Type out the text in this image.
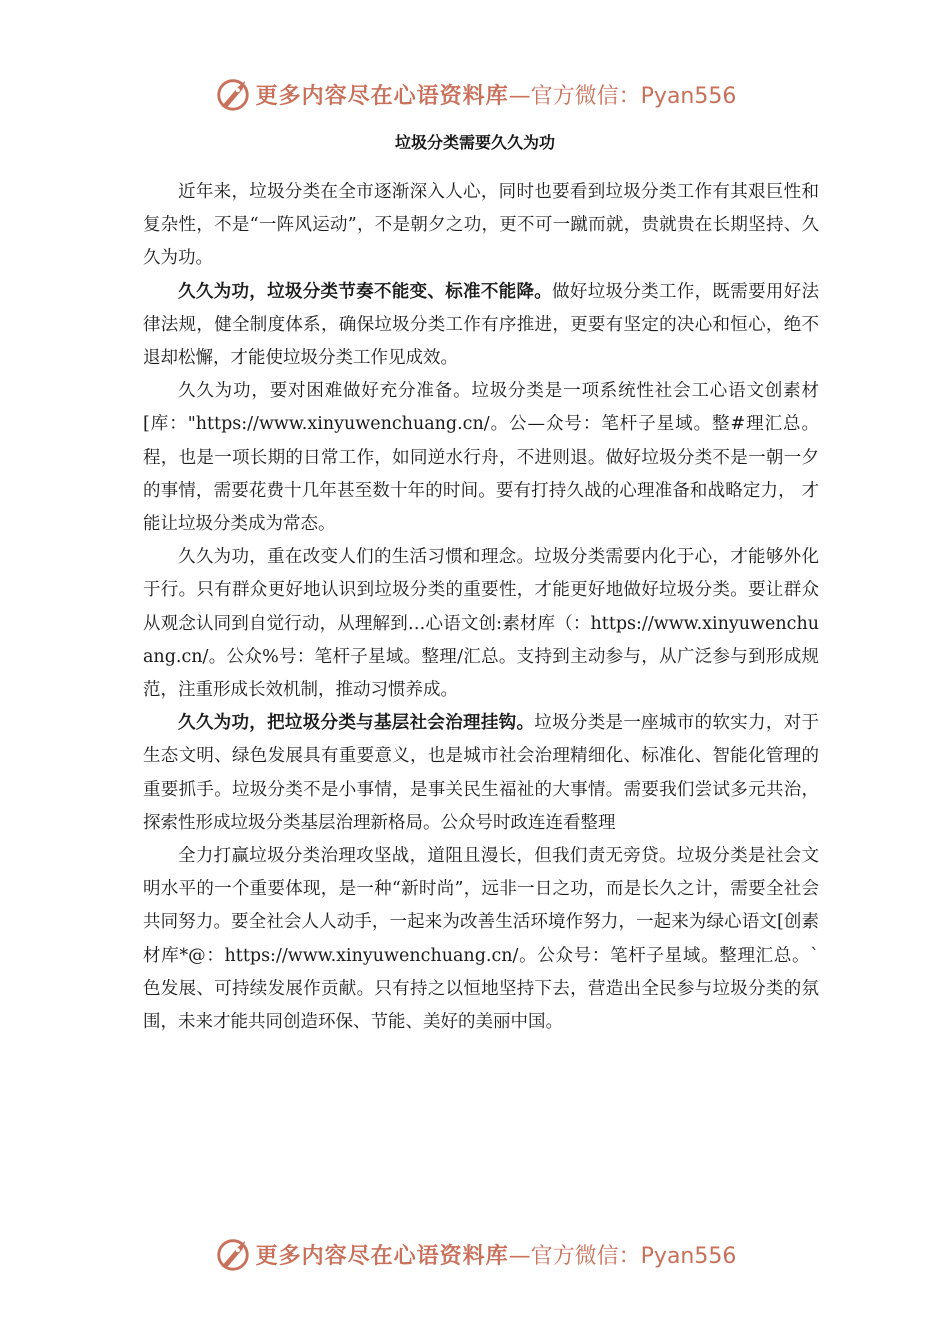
更多内容尽在心语资料库—官方微信：Pyan556
垃圾分类需要久久为功

近年来，垃圾分类在全市逐渐深入人心，同时也要看到垃圾分类工作有其艰巨性和复杂性，不是“一阵风运动”，不是朝夕之功，更不可一蹴而就，贵就贵在长期坚持、久久为功。

久久为功，垃圾分类节奏不能变、标准不能降。做好垃圾分类工作，既需要用好法律法规，健全制度体系，确保垃圾分类工作有序推进，更要有坚定的决心和恒心，绝不退却松懈，才能使垃圾分类工作见成效。

久久为功，要对困难做好充分准备。垃圾分类是一项系统性社会工心语文创素材[库："https://www.xinyuwenchuang.cn/。公—众号：笔杆子星域。整#理汇总。程，也是一项长期的日常工作，如同逆水行舟，不进则退。做好垃圾分类不是一朝一夕的事情，需要花费十几年甚至数十年的时间。要有打持久战的心理准备和战略定力， 才能让垃圾分类成为常态。

久久为功，重在改变人们的生活习惯和理念。垃圾分类需要内化于心，才能够外化于行。只有群众更好地认识到垃圾分类的重要性，才能更好地做好垃圾分类。要让群众从观念认同到自觉行动，从理解到…心语文创:素材库（：https://www.xinyuwenchuang.cn/。公众%号：笔杆子星域。整理/汇总。支持到主动参与，从广泛参与到形成规范，注重形成长效机制，推动习惯养成。

久久为功，把垃圾分类与基层社会治理挂钩。垃圾分类是一座城市的软实力，对于生态文明、绿色发展具有重要意义，也是城市社会治理精细化、标准化、智能化管理的重要抓手。垃圾分类不是小事情，是事关民生福祉的大事情。需要我们尝试多元共治，探索性形成垃圾分类基层治理新格局。公众号时政连连看整理

全力打赢垃圾分类治理攻坚战，道阻且漫长，但我们责无旁贷。垃圾分类是社会文明水平的一个重要体现，是一种“新时尚”，远非一日之功，而是长久之计，需要全社会共同努力。要全社会人人动手，一起来为改善生活环境作努力，一起来为绿心语文[创素材库*@：https://www.xinyuwenchuang.cn/。公众号：笔杆子星域。整理汇总。`色发展、可持续发展作贡献。只有持之以恒地坚持下去，营造出全民参与垃圾分类的氛围，未来才能共同创造环保、节能、美好的美丽中国。

更多内容尽在心语资料库—官方微信：Pyan556
